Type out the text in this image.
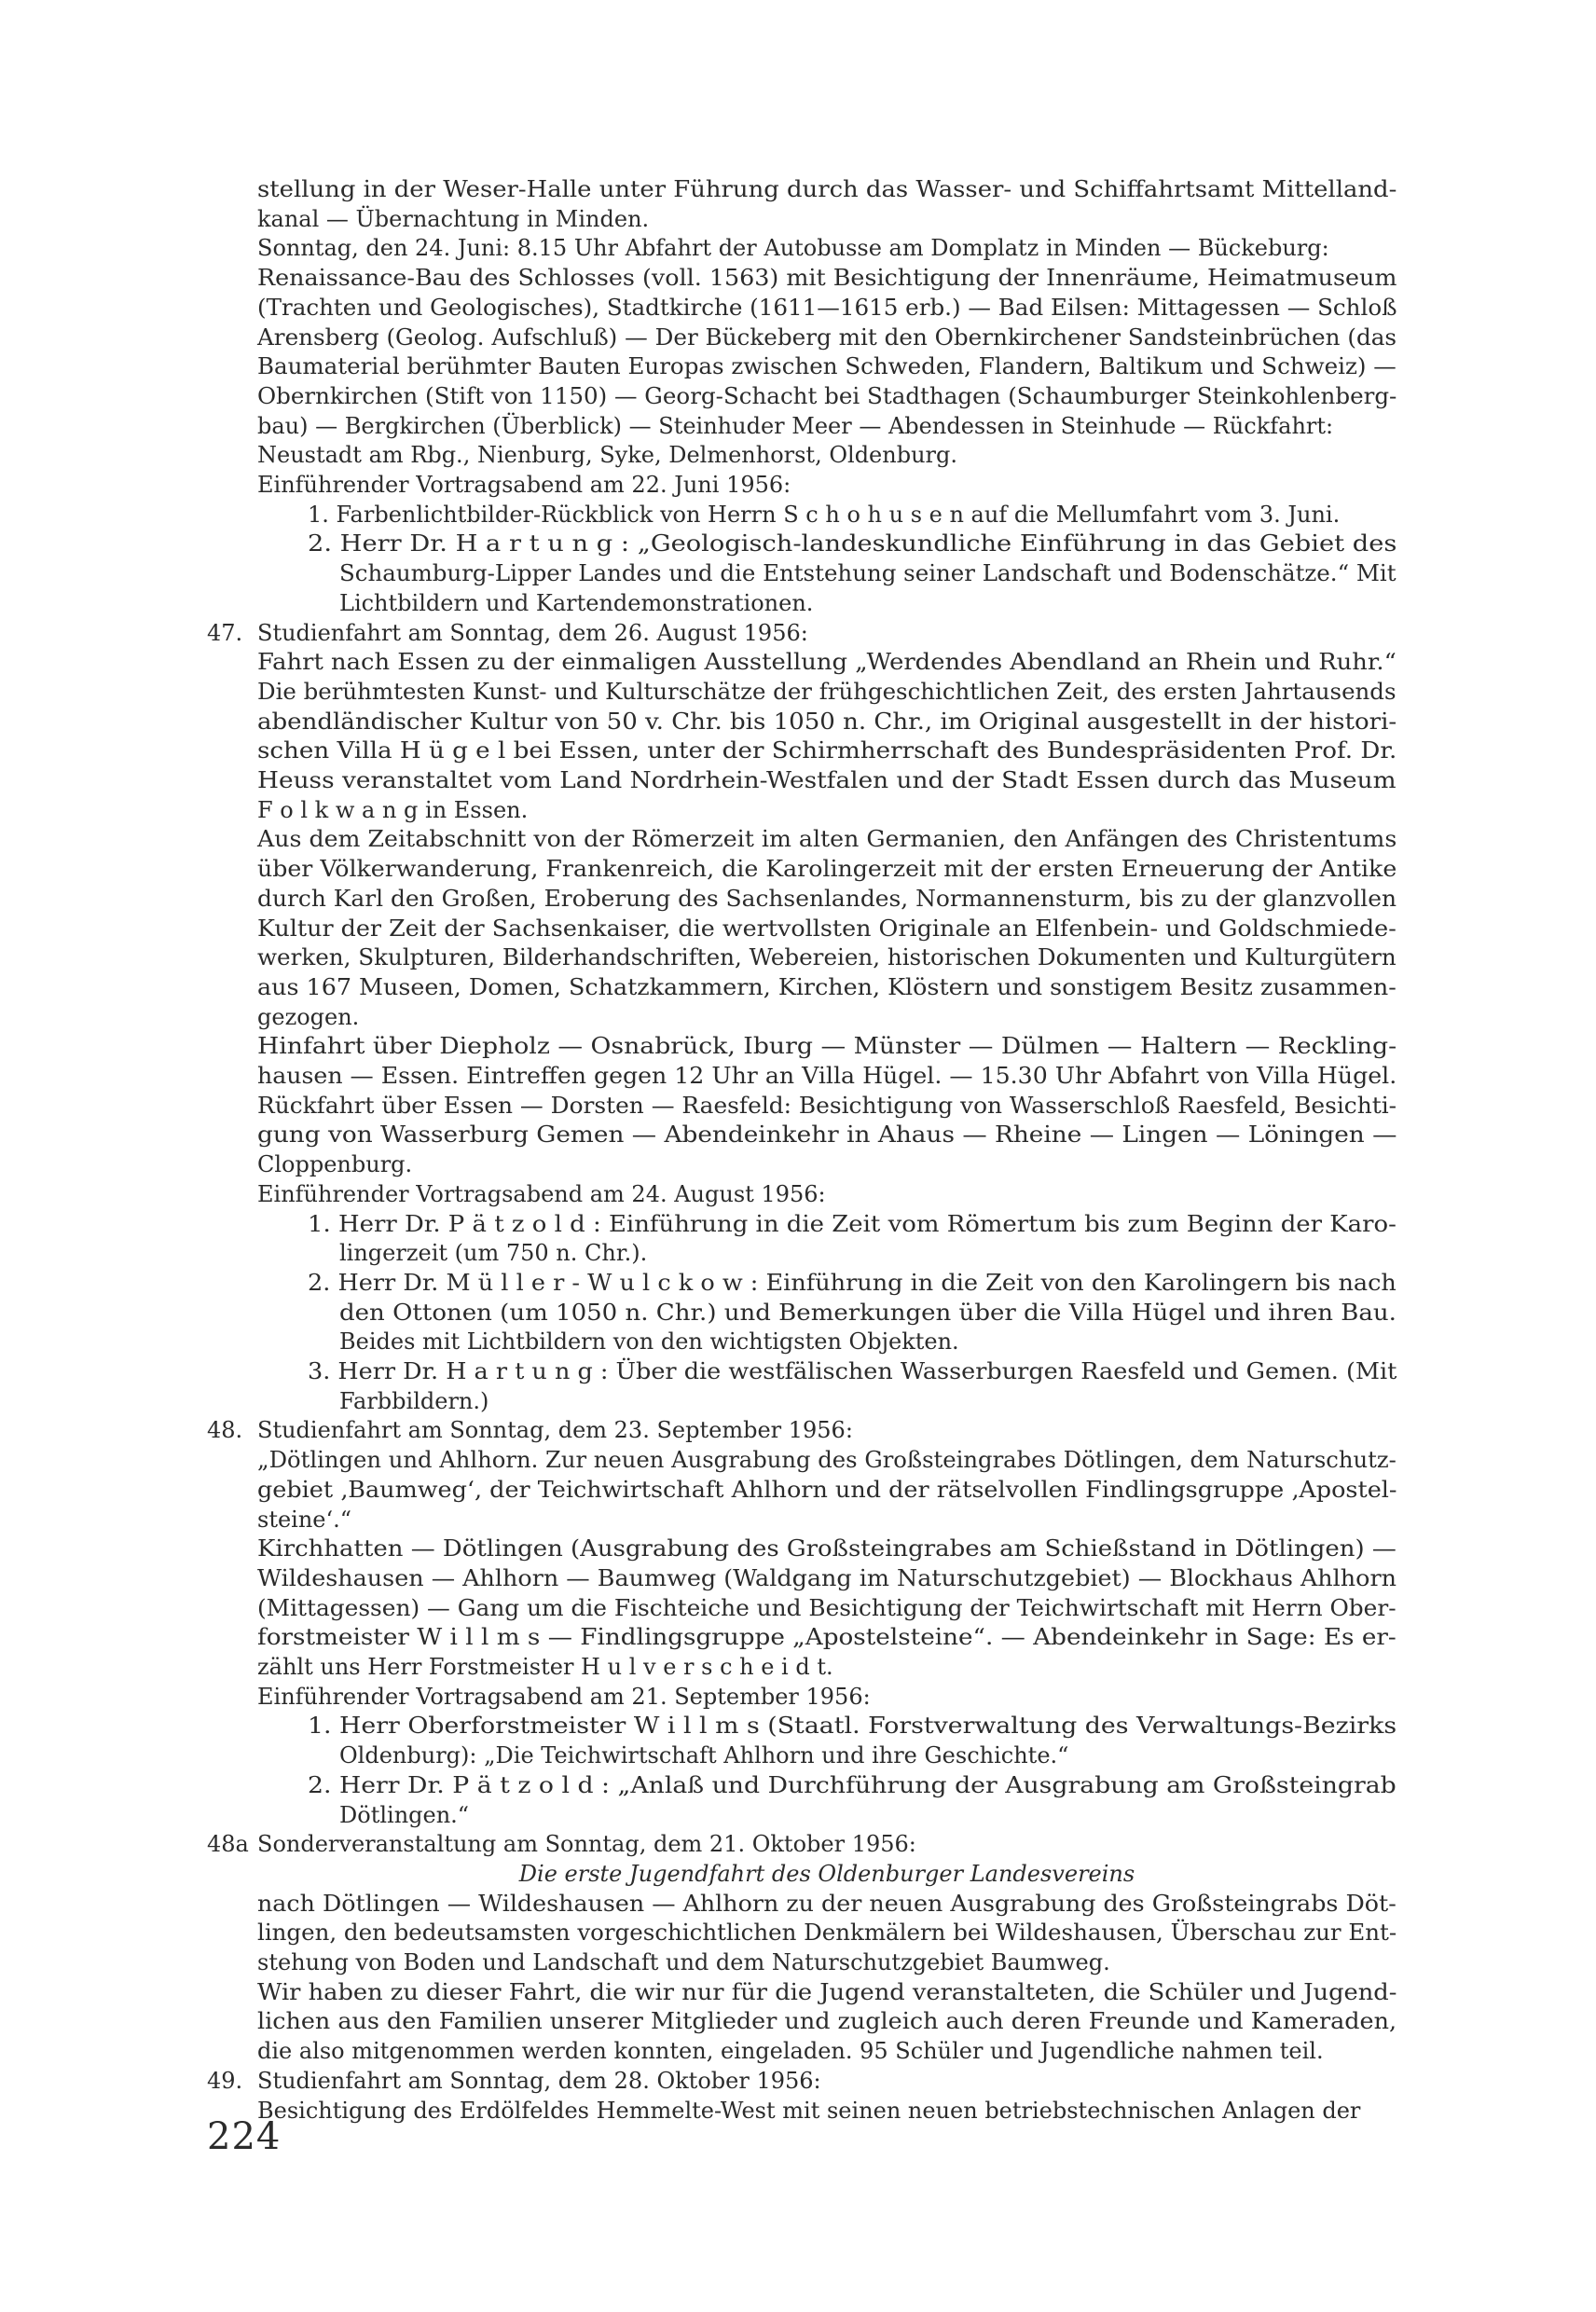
stellung in der Weser-Halle unter Führung durch das Wasser- und Schiffahrtsamt Mittelland-
kanal — Übernachtung in Minden.
Sonntag, den 24. Juni: 8.15 Uhr Abfahrt der Autobusse am Domplatz in Minden — Bückeburg:
Renaissance-Bau des Schlosses (voll. 1563) mit Besichtigung der Innenräume, Heimatmuseum
(Trachten und Geologisches), Stadtkirche (1611—1615 erb.) — Bad Eilsen: Mittagessen — Schloß
Arensberg (Geolog. Aufschluß) — Der Bückeberg mit den Obernkirchener Sandsteinbrüchen (das
Baumaterial berühmter Bauten Europas zwischen Schweden, Flandern, Baltikum und Schweiz) —
Obernkirchen (Stift von 1150) — Georg-Schacht bei Stadthagen (Schaumburger Steinkohlenberg-
bau) — Bergkirchen (Überblick) — Steinhuder Meer — Abendessen in Steinhude — Rückfahrt:
Neustadt am Rbg., Nienburg, Syke, Delmenhorst, Oldenburg.
Einführender Vortragsabend am 22. Juni 1956:
1. Farbenlichtbilder-Rückblick von Herrn S c h o h u s e n auf die Mellumfahrt vom 3. Juni.
2. Herr Dr. H a r t u n g : „Geologisch-landeskundliche Einführung in das Gebiet des
Schaumburg-Lipper Landes und die Entstehung seiner Landschaft und Bodenschätze.“ Mit
Lichtbildern und Kartendemonstrationen.
47. Studienfahrt am Sonntag, dem 26. August 1956:
Fahrt nach Essen zu der einmaligen Ausstellung „Werdendes Abendland an Rhein und Ruhr.“
Die berühmtesten Kunst- und Kulturschätze der frühgeschichtlichen Zeit, des ersten Jahrtausends
abendländischer Kultur von 50 v. Chr. bis 1050 n. Chr., im Original ausgestellt in der histori-
schen Villa H ü g e l bei Essen, unter der Schirmherrschaft des Bundespräsidenten Prof. Dr.
Heuss veranstaltet vom Land Nordrhein-Westfalen und der Stadt Essen durch das Museum
F o l k w a n g in Essen.
Aus dem Zeitabschnitt von der Römerzeit im alten Germanien, den Anfängen des Christentums
über Völkerwanderung, Frankenreich, die Karolingerzeit mit der ersten Erneuerung der Antike
durch Karl den Großen, Eroberung des Sachsenlandes, Normannensturm, bis zu der glanzvollen
Kultur der Zeit der Sachsenkaiser, die wertvollsten Originale an Elfenbein- und Goldschmiede-
werken, Skulpturen, Bilderhandschriften, Webereien, historischen Dokumenten und Kulturgütern
aus 167 Museen, Domen, Schatzkammern, Kirchen, Klöstern und sonstigem Besitz zusammen-
gezogen.
Hinfahrt über Diepholz — Osnabrück, Iburg — Münster — Dülmen — Haltern — Reckling-
hausen — Essen. Eintreffen gegen 12 Uhr an Villa Hügel. — 15.30 Uhr Abfahrt von Villa Hügel.
Rückfahrt über Essen — Dorsten — Raesfeld: Besichtigung von Wasserschloß Raesfeld, Besichti-
gung von Wasserburg Gemen — Abendeinkehr in Ahaus — Rheine — Lingen — Löningen —
Cloppenburg.
Einführender Vortragsabend am 24. August 1956:
1. Herr Dr. P ä t z o l d : Einführung in die Zeit vom Römertum bis zum Beginn der Karo-
lingerzeit (um 750 n. Chr.).
2. Herr Dr. M ü l l e r - W u l c k o w : Einführung in die Zeit von den Karolingern bis nach
den Ottonen (um 1050 n. Chr.) und Bemerkungen über die Villa Hügel und ihren Bau.
Beides mit Lichtbildern von den wichtigsten Objekten.
3. Herr Dr. H a r t u n g : Über die westfälischen Wasserburgen Raesfeld und Gemen. (Mit
Farbbildern.)
48. Studienfahrt am Sonntag, dem 23. September 1956:
„Dötlingen und Ahlhorn. Zur neuen Ausgrabung des Großsteingrabes Dötlingen, dem Naturschutz-
gebiet ‚Baumweg‘, der Teichwirtschaft Ahlhorn und der rätselvollen Findlingsgruppe ‚Apostel-
steine‘.“
Kirchhatten — Dötlingen (Ausgrabung des Großsteingrabes am Schießstand in Dötlingen) —
Wildeshausen — Ahlhorn — Baumweg (Waldgang im Naturschutzgebiet) — Blockhaus Ahlhorn
(Mittagessen) — Gang um die Fischteiche und Besichtigung der Teichwirtschaft mit Herrn Ober-
forstmeister W i l l m s — Findlingsgruppe „Apostelsteine“. — Abendeinkehr in Sage: Es er-
zählt uns Herr Forstmeister H u l v e r s c h e i d t.
Einführender Vortragsabend am 21. September 1956:
1. Herr Oberforstmeister W i l l m s (Staatl. Forstverwaltung des Verwaltungs-Bezirks
Oldenburg): „Die Teichwirtschaft Ahlhorn und ihre Geschichte.“
2. Herr Dr. P ä t z o l d : „Anlaß und Durchführung der Ausgrabung am Großsteingrab
Dötlingen.“
48a Sonderveranstaltung am Sonntag, dem 21. Oktober 1956:
Die erste Jugendfahrt des Oldenburger Landesvereins
nach Dötlingen — Wildeshausen — Ahlhorn zu der neuen Ausgrabung des Großsteingrabs Döt-
lingen, den bedeutsamsten vorgeschichtlichen Denkmälern bei Wildeshausen, Überschau zur Ent-
stehung von Boden und Landschaft und dem Naturschutzgebiet Baumweg.
Wir haben zu dieser Fahrt, die wir nur für die Jugend veranstalteten, die Schüler und Jugend-
lichen aus den Familien unserer Mitglieder und zugleich auch deren Freunde und Kameraden,
die also mitgenommen werden konnten, eingeladen. 95 Schüler und Jugendliche nahmen teil.
49. Studienfahrt am Sonntag, dem 28. Oktober 1956:
Besichtigung des Erdölfeldes Hemmelte-West mit seinen neuen betriebstechnischen Anlagen der
224
